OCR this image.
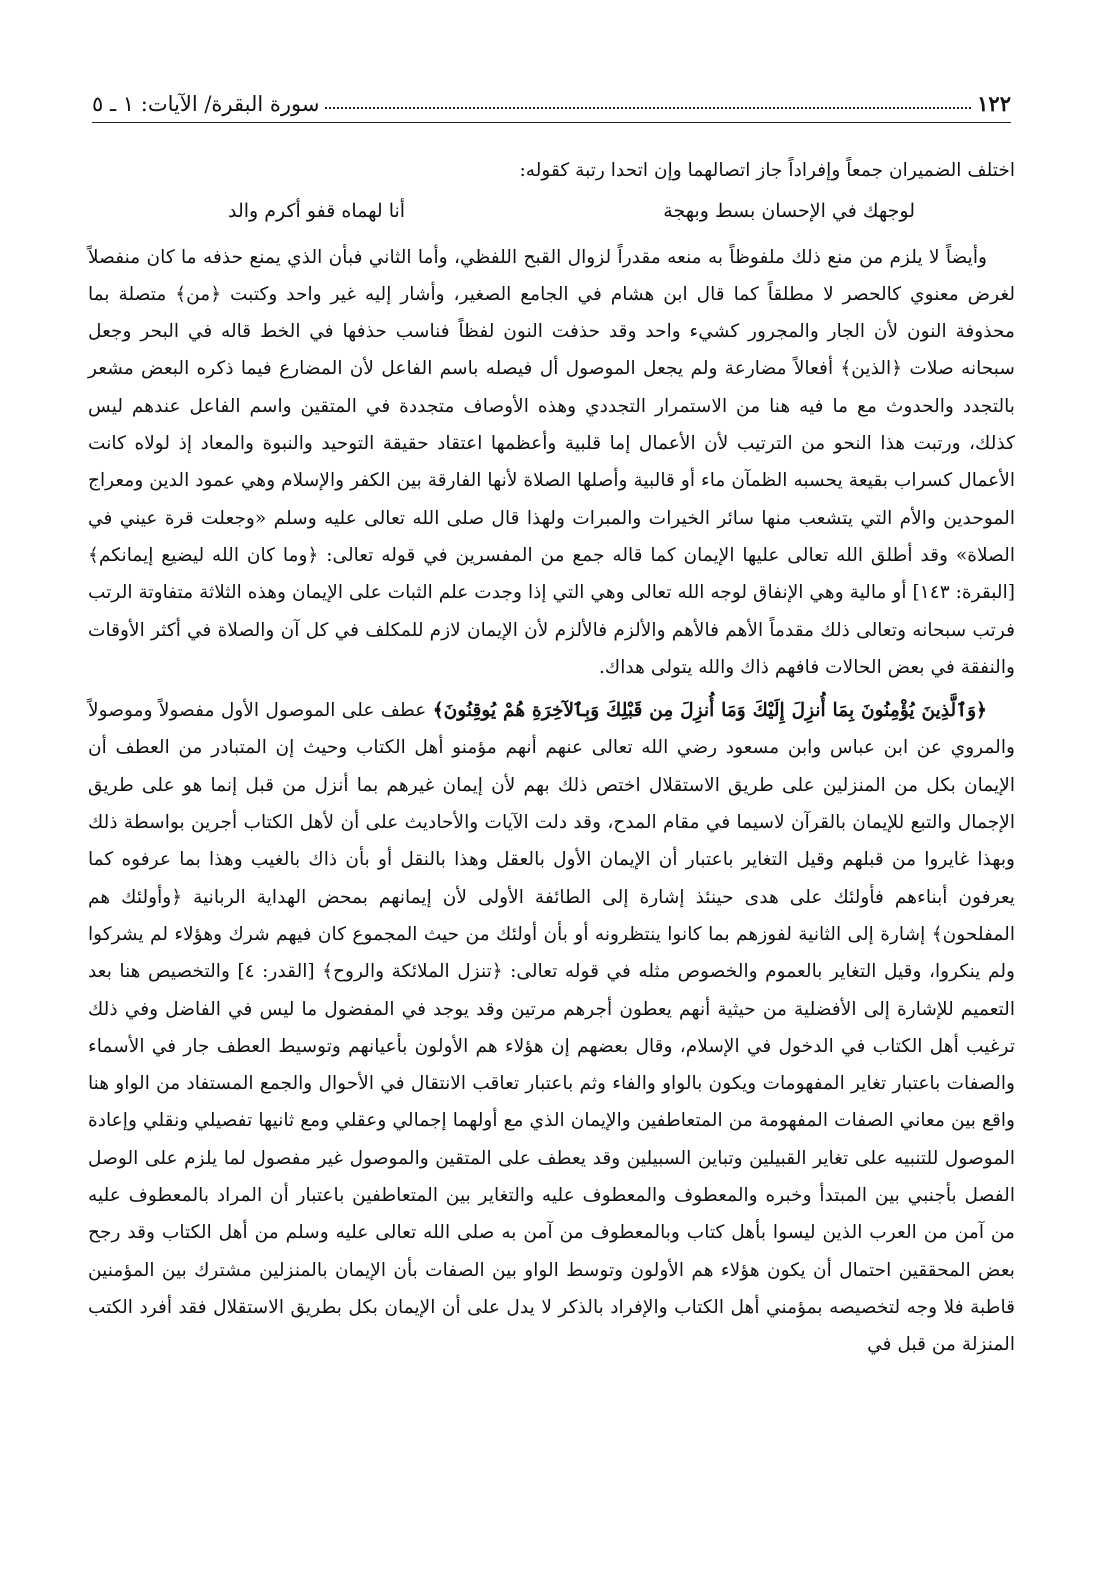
١٢٢
سورة البقرة/ الآيات: ١ ـ ٥

اختلف الضميران جمعاً وإفراداً جاز اتصالهما وإن اتحدا رتبة كقوله:

لوجهك في الإحسان بسط وبهجة
أنا لهماه قفو أكرم والد

وأيضاً لا يلزم من منع ذلك ملفوظاً به منعه مقدراً لزوال القبح اللفظي، وأما الثاني فبأن الذي يمنع حذفه ما كان منفصلاً لغرض معنوي كالحصر لا مطلقاً كما قال ابن هشام في الجامع الصغير، وأشار إليه غير واحد وكتبت ﴿من﴾ متصلة بما محذوفة النون لأن الجار والمجرور كشيء واحد وقد حذفت النون لفظاً فناسب حذفها في الخط قاله في البحر وجعل سبحانه صلات ﴿الذين﴾ أفعالاً مضارعة ولم يجعل الموصول أل فيصله باسم الفاعل لأن المضارع فيما ذكره البعض مشعر بالتجدد والحدوث مع ما فيه هنا من الاستمرار التجددي وهذه الأوصاف متجددة في المتقين واسم الفاعل عندهم ليس كذلك، ورتبت هذا النحو من الترتيب لأن الأعمال إما قلبية وأعظمها اعتقاد حقيقة التوحيد والنبوة والمعاد إذ لولاه كانت الأعمال كسراب بقيعة يحسبه الظمآن ماء أو قالبية وأصلها الصلاة لأنها الفارقة بين الكفر والإسلام وهي عمود الدين ومعراج الموحدين والأم التي يتشعب منها سائر الخيرات والمبرات ولهذا قال صلى الله تعالى عليه وسلم «وجعلت قرة عيني في الصلاة» وقد أطلق الله تعالى عليها الإيمان كما قاله جمع من المفسرين في قوله تعالى: ﴿وما كان الله ليضيع إيمانكم﴾ [البقرة: ١٤٣] أو مالية وهي الإنفاق لوجه الله تعالى وهي التي إذا وجدت علم الثبات على الإيمان وهذه الثلاثة متفاوتة الرتب فرتب سبحانه وتعالى ذلك مقدماً الأهم فالأهم والألزم فالألزم لأن الإيمان لازم للمكلف في كل آن والصلاة في أكثر الأوقات والنفقة في بعض الحالات فافهم ذاك والله يتولى هداك.

﴿وَٱلَّذِينَ يُؤْمِنُونَ بِمَا أُنزِلَ إِلَيْكَ وَمَا أُنزِلَ مِن قَبْلِكَ وَبِٱلآخِرَةِ هُمْ يُوقِنُونَ﴾ عطف على الموصول الأول مفصولاً وموصولاً والمروي عن ابن عباس وابن مسعود رضي الله تعالى عنهم أنهم مؤمنو أهل الكتاب وحيث إن المتبادر من العطف أن الإيمان بكل من المنزلين على طريق الاستقلال اختص ذلك بهم لأن إيمان غيرهم بما أنزل من قبل إنما هو على طريق الإجمال والتبع للإيمان بالقرآن لاسيما في مقام المدح، وقد دلت الآيات والأحاديث على أن لأهل الكتاب أجرين بواسطة ذلك وبهذا غايروا من قبلهم وقيل التغاير باعتبار أن الإيمان الأول بالعقل وهذا بالنقل أو بأن ذاك بالغيب وهذا بما عرفوه كما يعرفون أبناءهم فأولئك على هدى حينئذ إشارة إلى الطائفة الأولى لأن إيمانهم بمحض الهداية الربانية ﴿وأولئك هم المفلحون﴾ إشارة إلى الثانية لفوزهم بما كانوا ينتظرونه أو بأن أولئك من حيث المجموع كان فيهم شرك وهؤلاء لم يشركوا ولم ينكروا، وقيل التغاير بالعموم والخصوص مثله في قوله تعالى: ﴿تنزل الملائكة والروح﴾ [القدر: ٤] والتخصيص هنا بعد التعميم للإشارة إلى الأفضلية من حيثية أنهم يعطون أجرهم مرتين وقد يوجد في المفضول ما ليس في الفاضل وفي ذلك ترغيب أهل الكتاب في الدخول في الإسلام، وقال بعضهم إن هؤلاء هم الأولون بأعيانهم وتوسيط العطف جار في الأسماء والصفات باعتبار تغاير المفهومات ويكون بالواو والفاء وثم باعتبار تعاقب الانتقال في الأحوال والجمع المستفاد من الواو هنا واقع بين معاني الصفات المفهومة من المتعاطفين والإيمان الذي مع أولهما إجمالي وعقلي ومع ثانيها تفصيلي ونقلي وإعادة الموصول للتنبيه على تغاير القبيلين وتباين السبيلين وقد يعطف على المتقين والموصول غير مفصول لما يلزم على الوصل الفصل بأجنبي بين المبتدأ وخبره والمعطوف والمعطوف عليه والتغاير بين المتعاطفين باعتبار أن المراد بالمعطوف عليه من آمن من العرب الذين ليسوا بأهل كتاب وبالمعطوف من آمن به صلى الله تعالى عليه وسلم من أهل الكتاب وقد رجح بعض المحققين احتمال أن يكون هؤلاء هم الأولون وتوسط الواو بين الصفات بأن الإيمان بالمنزلين مشترك بين المؤمنين قاطبة فلا وجه لتخصيصه بمؤمني أهل الكتاب والإفراد بالذكر لا يدل على أن الإيمان بكل بطريق الاستقلال فقد أفرد الكتب المنزلة من قبل في
